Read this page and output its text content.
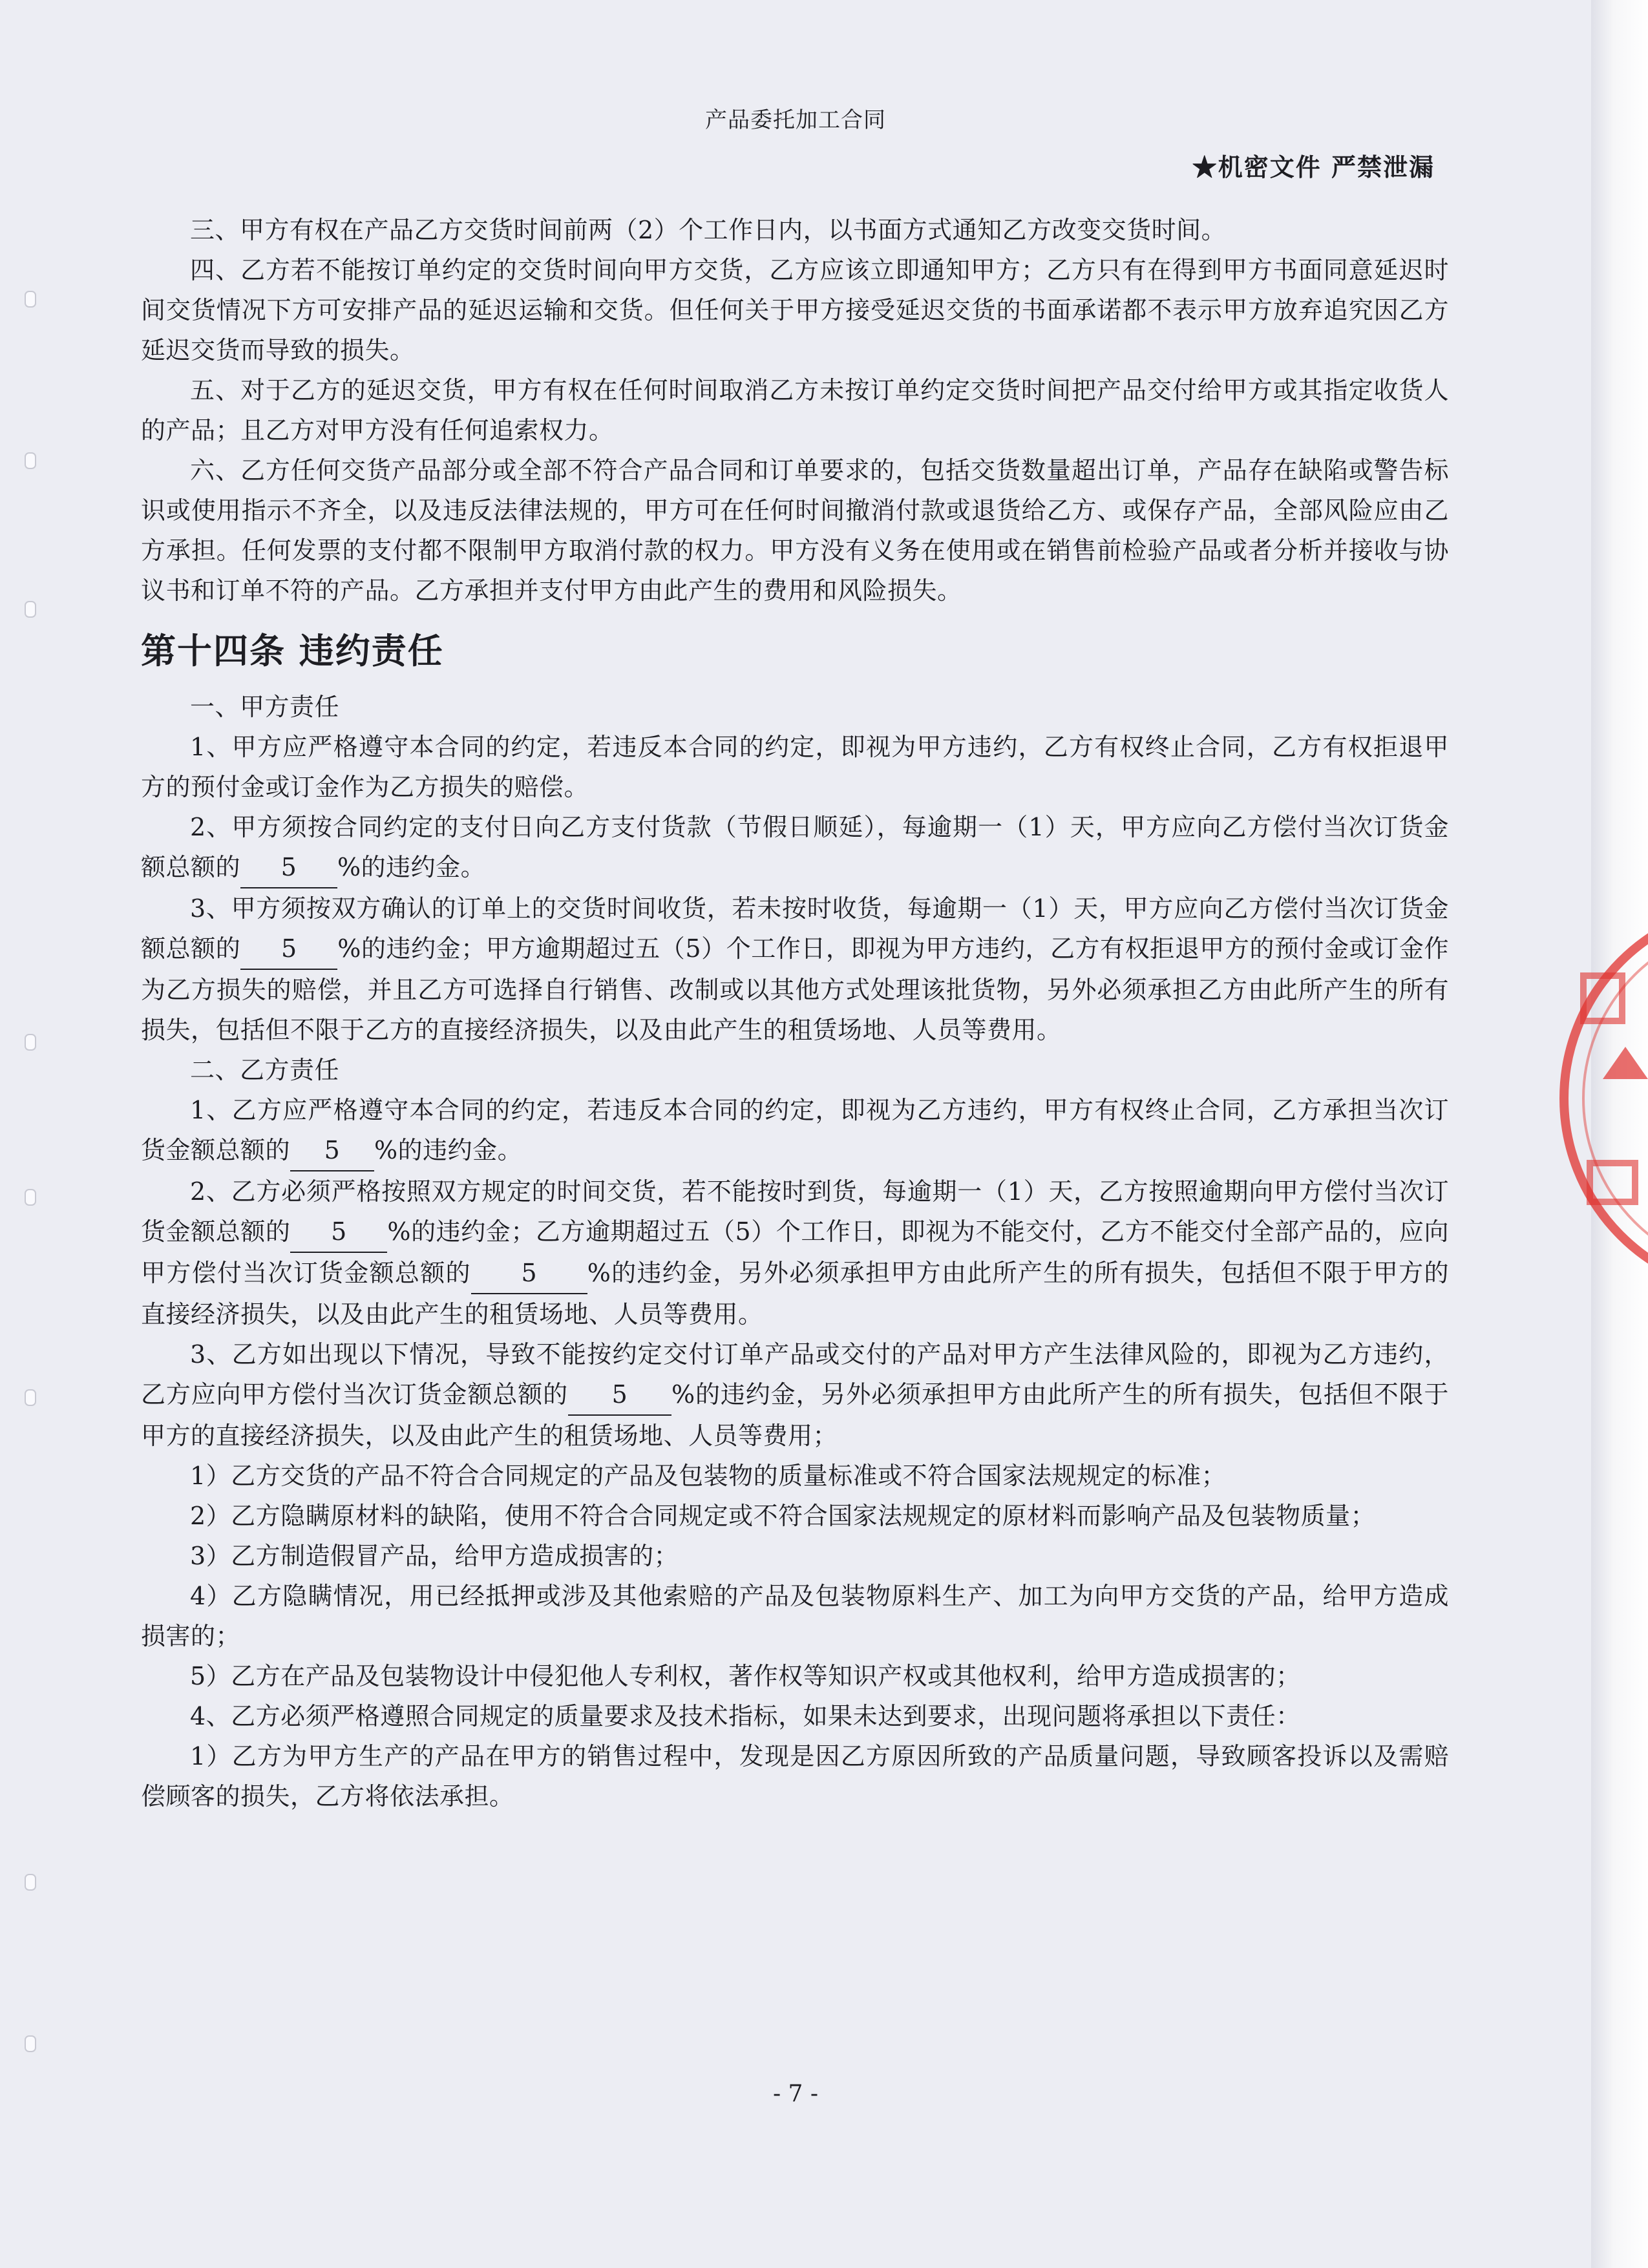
产品委托加工合同
★机密文件 严禁泄漏

三、甲方有权在产品乙方交货时间前两（2）个工作日内，以书面方式通知乙方改变交货时间。

四、乙方若不能按订单约定的交货时间向甲方交货，乙方应该立即通知甲方；乙方只有在得到甲方书面同意延迟时间交货情况下方可安排产品的延迟运输和交货。但任何关于甲方接受延迟交货的书面承诺都不表示甲方放弃追究因乙方延迟交货而导致的损失。

五、对于乙方的延迟交货，甲方有权在任何时间取消乙方未按订单约定交货时间把产品交付给甲方或其指定收货人的产品；且乙方对甲方没有任何追索权力。

六、乙方任何交货产品部分或全部不符合产品合同和订单要求的，包括交货数量超出订单，产品存在缺陷或警告标识或使用指示不齐全，以及违反法律法规的，甲方可在任何时间撤消付款或退货给乙方、或保存产品，全部风险应由乙方承担。任何发票的支付都不限制甲方取消付款的权力。甲方没有义务在使用或在销售前检验产品或者分析并接收与协议书和订单不符的产品。乙方承担并支付甲方由此产生的费用和风险损失。

第十四条 违约责任

一、甲方责任

1、甲方应严格遵守本合同的约定，若违反本合同的约定，即视为甲方违约，乙方有权终止合同，乙方有权拒退甲方的预付金或订金作为乙方损失的赔偿。

2、甲方须按合同约定的支付日向乙方支付货款（节假日顺延），每逾期一（1）天，甲方应向乙方偿付当次订货金额总额的 5 %的违约金。

3、甲方须按双方确认的订单上的交货时间收货，若未按时收货，每逾期一（1）天，甲方应向乙方偿付当次订货金额总额的 5 %的违约金；甲方逾期超过五（5）个工作日，即视为甲方违约，乙方有权拒退甲方的预付金或订金作为乙方损失的赔偿，并且乙方可选择自行销售、改制或以其他方式处理该批货物，另外必须承担乙方由此所产生的所有损失，包括但不限于乙方的直接经济损失，以及由此产生的租赁场地、人员等费用。

二、乙方责任

1、乙方应严格遵守本合同的约定，若违反本合同的约定，即视为乙方违约，甲方有权终止合同，乙方承担当次订货金额总额的 5 %的违约金。

2、乙方必须严格按照双方规定的时间交货，若不能按时到货，每逾期一（1）天，乙方按照逾期向甲方偿付当次订货金额总额的 5 %的违约金；乙方逾期超过五（5）个工作日，即视为不能交付，乙方不能交付全部产品的，应向甲方偿付当次订货金额总额的 5 %的违约金，另外必须承担甲方由此所产生的所有损失，包括但不限于甲方的直接经济损失，以及由此产生的租赁场地、人员等费用。

3、乙方如出现以下情况，导致不能按约定交付订单产品或交付的产品对甲方产生法律风险的，即视为乙方违约，乙方应向甲方偿付当次订货金额总额的 5 %的违约金，另外必须承担甲方由此所产生的所有损失，包括但不限于甲方的直接经济损失，以及由此产生的租赁场地、人员等费用；

1）乙方交货的产品不符合合同规定的产品及包装物的质量标准或不符合国家法规规定的标准；

2）乙方隐瞒原材料的缺陷，使用不符合合同规定或不符合国家法规规定的原材料而影响产品及包装物质量；

3）乙方制造假冒产品，给甲方造成损害的；

4）乙方隐瞒情况，用已经抵押或涉及其他索赔的产品及包装物原料生产、加工为向甲方交货的产品，给甲方造成损害的；

5）乙方在产品及包装物设计中侵犯他人专利权，著作权等知识产权或其他权利，给甲方造成损害的；

4、乙方必须严格遵照合同规定的质量要求及技术指标，如果未达到要求，出现问题将承担以下责任：

1）乙方为甲方生产的产品在甲方的销售过程中，发现是因乙方原因所致的产品质量问题，导致顾客投诉以及需赔偿顾客的损失，乙方将依法承担。

- 7 -
